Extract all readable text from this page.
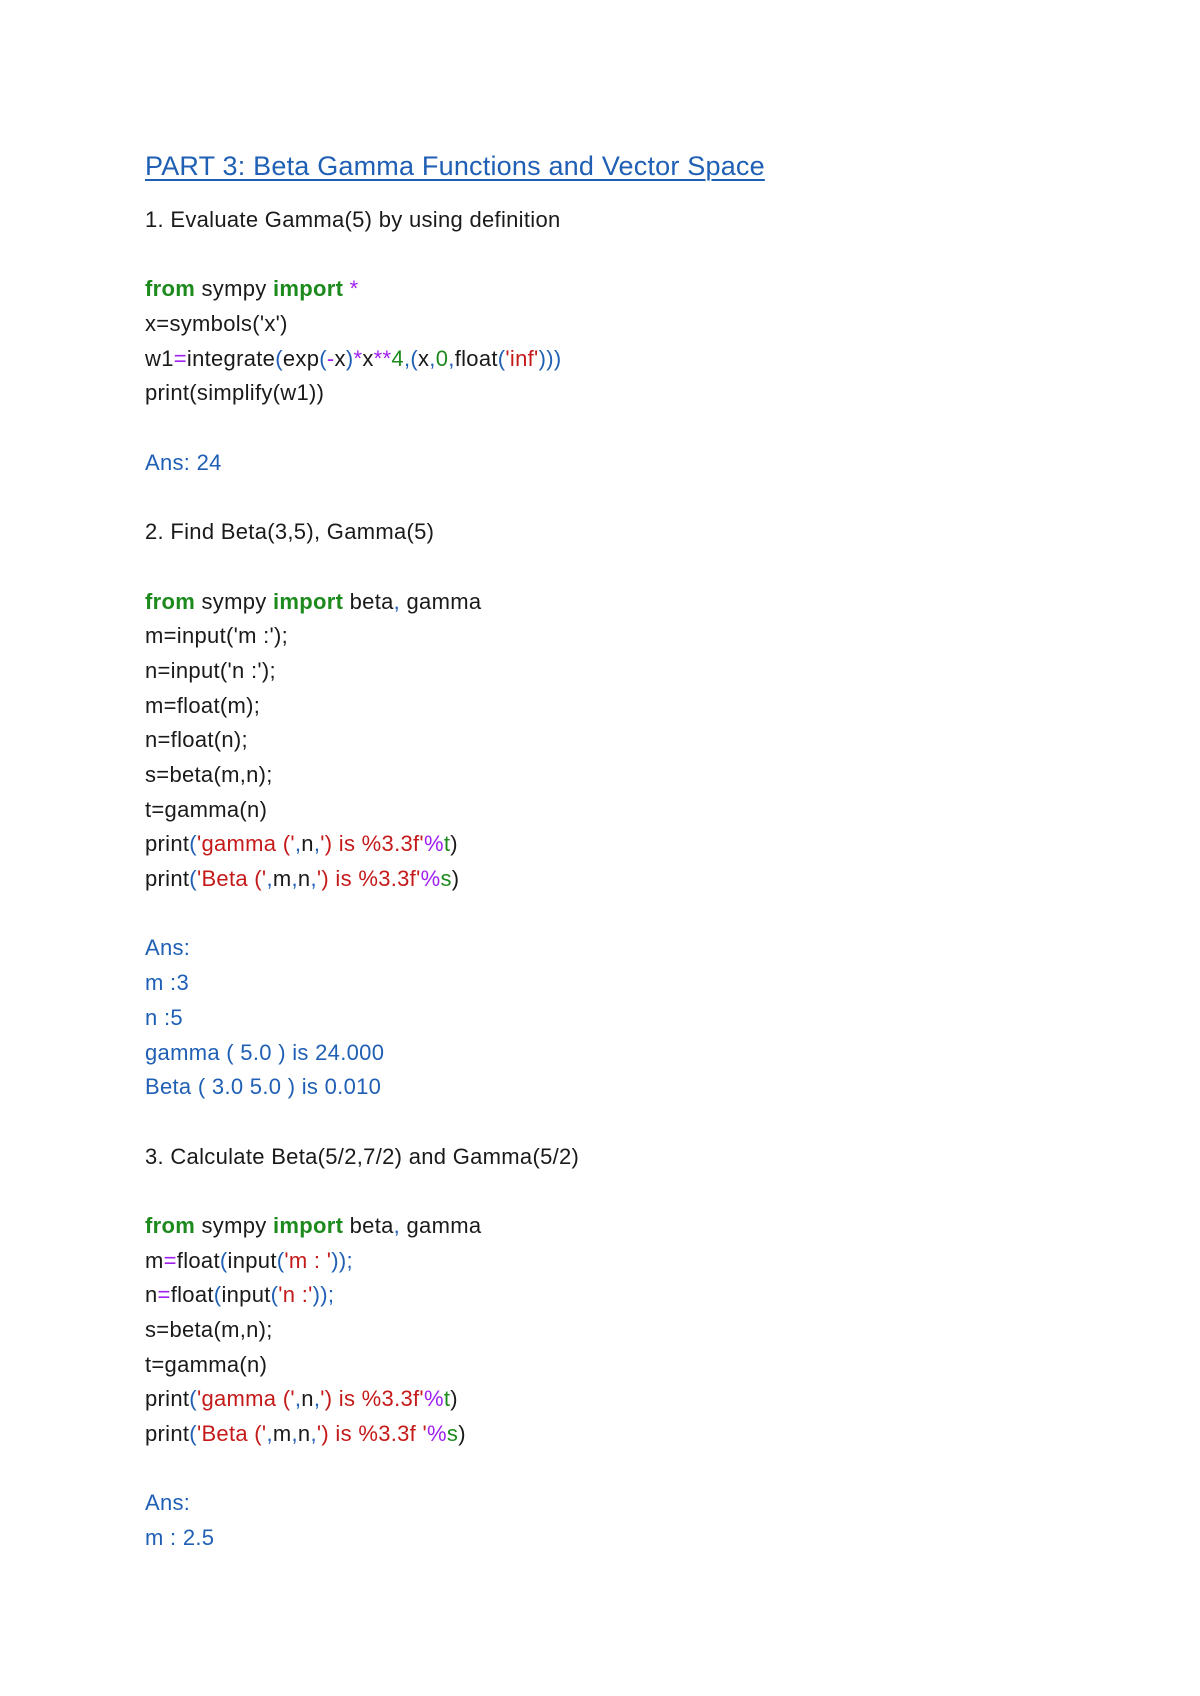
PART 3: Beta Gamma Functions and Vector Space
1. Evaluate Gamma(5) by using definition
from sympy import *
x=symbols('x')
w1=integrate(exp(-x)*x**4,(x,0,float('inf')))
print(simplify(w1))
Ans: 24
2. Find Beta(3,5), Gamma(5)
from sympy import beta, gamma
m=input('m :');
n=input('n :');
m=float(m);
n=float(n);
s=beta(m,n);
t=gamma(n)
print('gamma (',n,') is %3.3f'%t)
print('Beta (',m,n,') is %3.3f'%s)
Ans:
m :3
n :5
gamma ( 5.0 ) is 24.000
Beta ( 3.0 5.0 ) is 0.010
3. Calculate Beta(5/2,7/2) and Gamma(5/2)
from sympy import beta, gamma
m=float(input('m : '));
n=float(input('n :'));
s=beta(m,n);
t=gamma(n)
print('gamma (',n,') is %3.3f'%t)
print('Beta (',m,n,') is %3.3f '%s)
Ans:
m : 2.5
